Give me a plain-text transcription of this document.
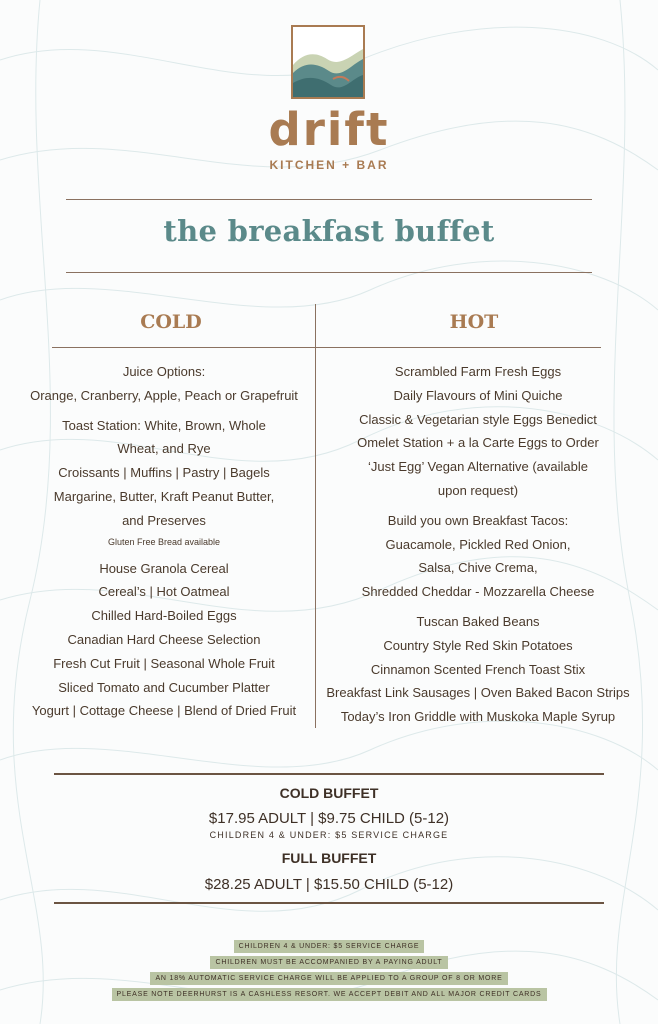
drift
KITCHEN + BAR
the breakfast buffet
COLD	HOT
Juice Options:
Orange, Cranberry, Apple, Peach or Grapefruit
Toast Station: White, Brown, Whole
Wheat, and Rye
Croissants | Muffins | Pastry | Bagels
Margarine, Butter, Kraft Peanut Butter,
and Preserves
Gluten Free Bread available
House Granola Cereal
Cereal’s | Hot Oatmeal
Chilled Hard-Boiled Eggs
Canadian Hard Cheese Selection
Fresh Cut Fruit | Seasonal Whole Fruit
Sliced Tomato and Cucumber Platter
Yogurt | Cottage Cheese | Blend of Dried Fruit
Scrambled Farm Fresh Eggs
Daily Flavours of Mini Quiche
Classic & Vegetarian style Eggs Benedict
Omelet Station + a la Carte Eggs to Order
‘Just Egg’ Vegan Alternative (available
upon request)
Build you own Breakfast Tacos:
Guacamole, Pickled Red Onion,
Salsa, Chive Crema,
Shredded Cheddar - Mozzarella Cheese
Tuscan Baked Beans
Country Style Red Skin Potatoes
Cinnamon Scented French Toast Stix
Breakfast Link Sausages | Oven Baked Bacon Strips
Today’s Iron Griddle with Muskoka Maple Syrup
COLD BUFFET
$17.95 ADULT | $9.75 CHILD (5-12)
CHILDREN 4 & UNDER: $5 SERVICE CHARGE
FULL BUFFET
$28.25 ADULT | $15.50 CHILD (5-12)
CHILDREN 4 & UNDER: $5 SERVICE CHARGE
CHILDREN MUST BE ACCOMPANIED BY A PAYING ADULT
AN 18% AUTOMATIC SERVICE CHARGE WILL BE APPLIED TO A GROUP OF 8 OR MORE
PLEASE NOTE DEERHURST IS A CASHLESS RESORT. WE ACCEPT DEBIT AND ALL MAJOR CREDIT CARDS
